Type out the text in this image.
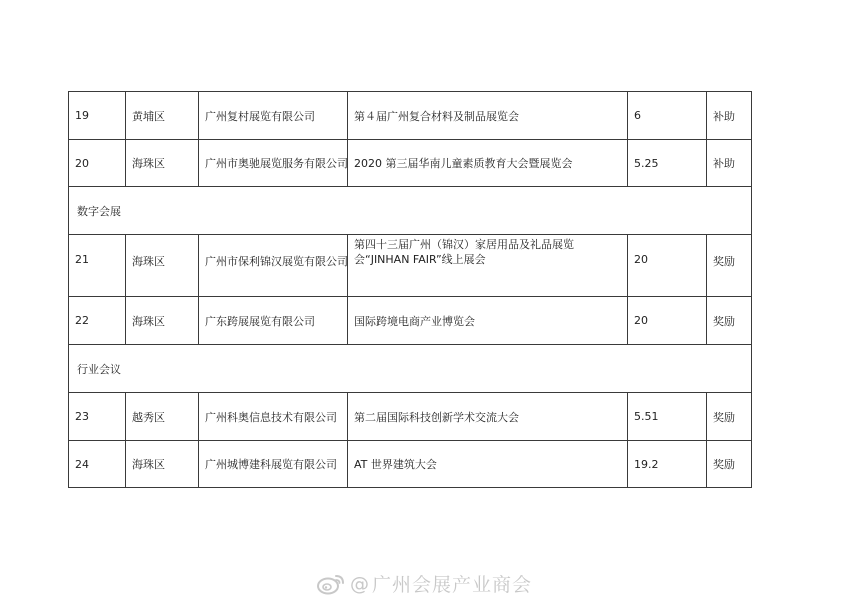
19	黄埔区	广州复村展览有限公司	第４届广州复合材料及制品展览会	6	补助
20	海珠区	广州市奥驰展览服务有限公司	2020 第三届华南儿童素质教育大会暨展览会	5.25	补助
数字会展					
21	海珠区	广州市保利锦汉展览有限公司	第四十三届广州（锦汉）家居用品及礼品展览会“JINHAN FAIR”线上展会	20	奖励
22	海珠区	广东跨展展览有限公司	国际跨境电商产业博览会	20	奖励
行业会议					
23	越秀区	广州科奥信息技术有限公司	第二届国际科技创新学术交流大会	5.51	奖励
24	海珠区	广州城博建科展览有限公司	AT 世界建筑大会	19.2	奖励
@ 广州会展产业商会
